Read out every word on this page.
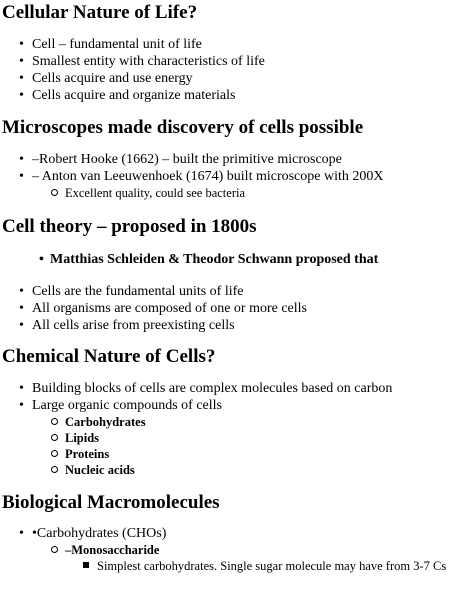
Cellular Nature of Life?
• Cell – fundamental unit of life
• Smallest entity with characteristics of life
• Cells acquire and use energy
• Cells acquire and organize materials
Microscopes made discovery of cells possible
• –Robert Hooke (1662) – built the primitive microscope
• – Anton van Leeuwenhoek (1674) built microscope with 200X
Excellent quality, could see bacteria
Cell theory – proposed in 1800s
• Matthias Schleiden & Theodor Schwann proposed that
• Cells are the fundamental units of life
• All organisms are composed of one or more cells
• All cells arise from preexisting cells
Chemical Nature of Cells?
• Building blocks of cells are complex molecules based on carbon
• Large organic compounds of cells
Carbohydrates
Lipids
Proteins
Nucleic acids
Biological Macromolecules
• •Carbohydrates (CHOs)
–Monosaccharide
Simplest carbohydrates. Single sugar molecule may have from 3-7 Cs
